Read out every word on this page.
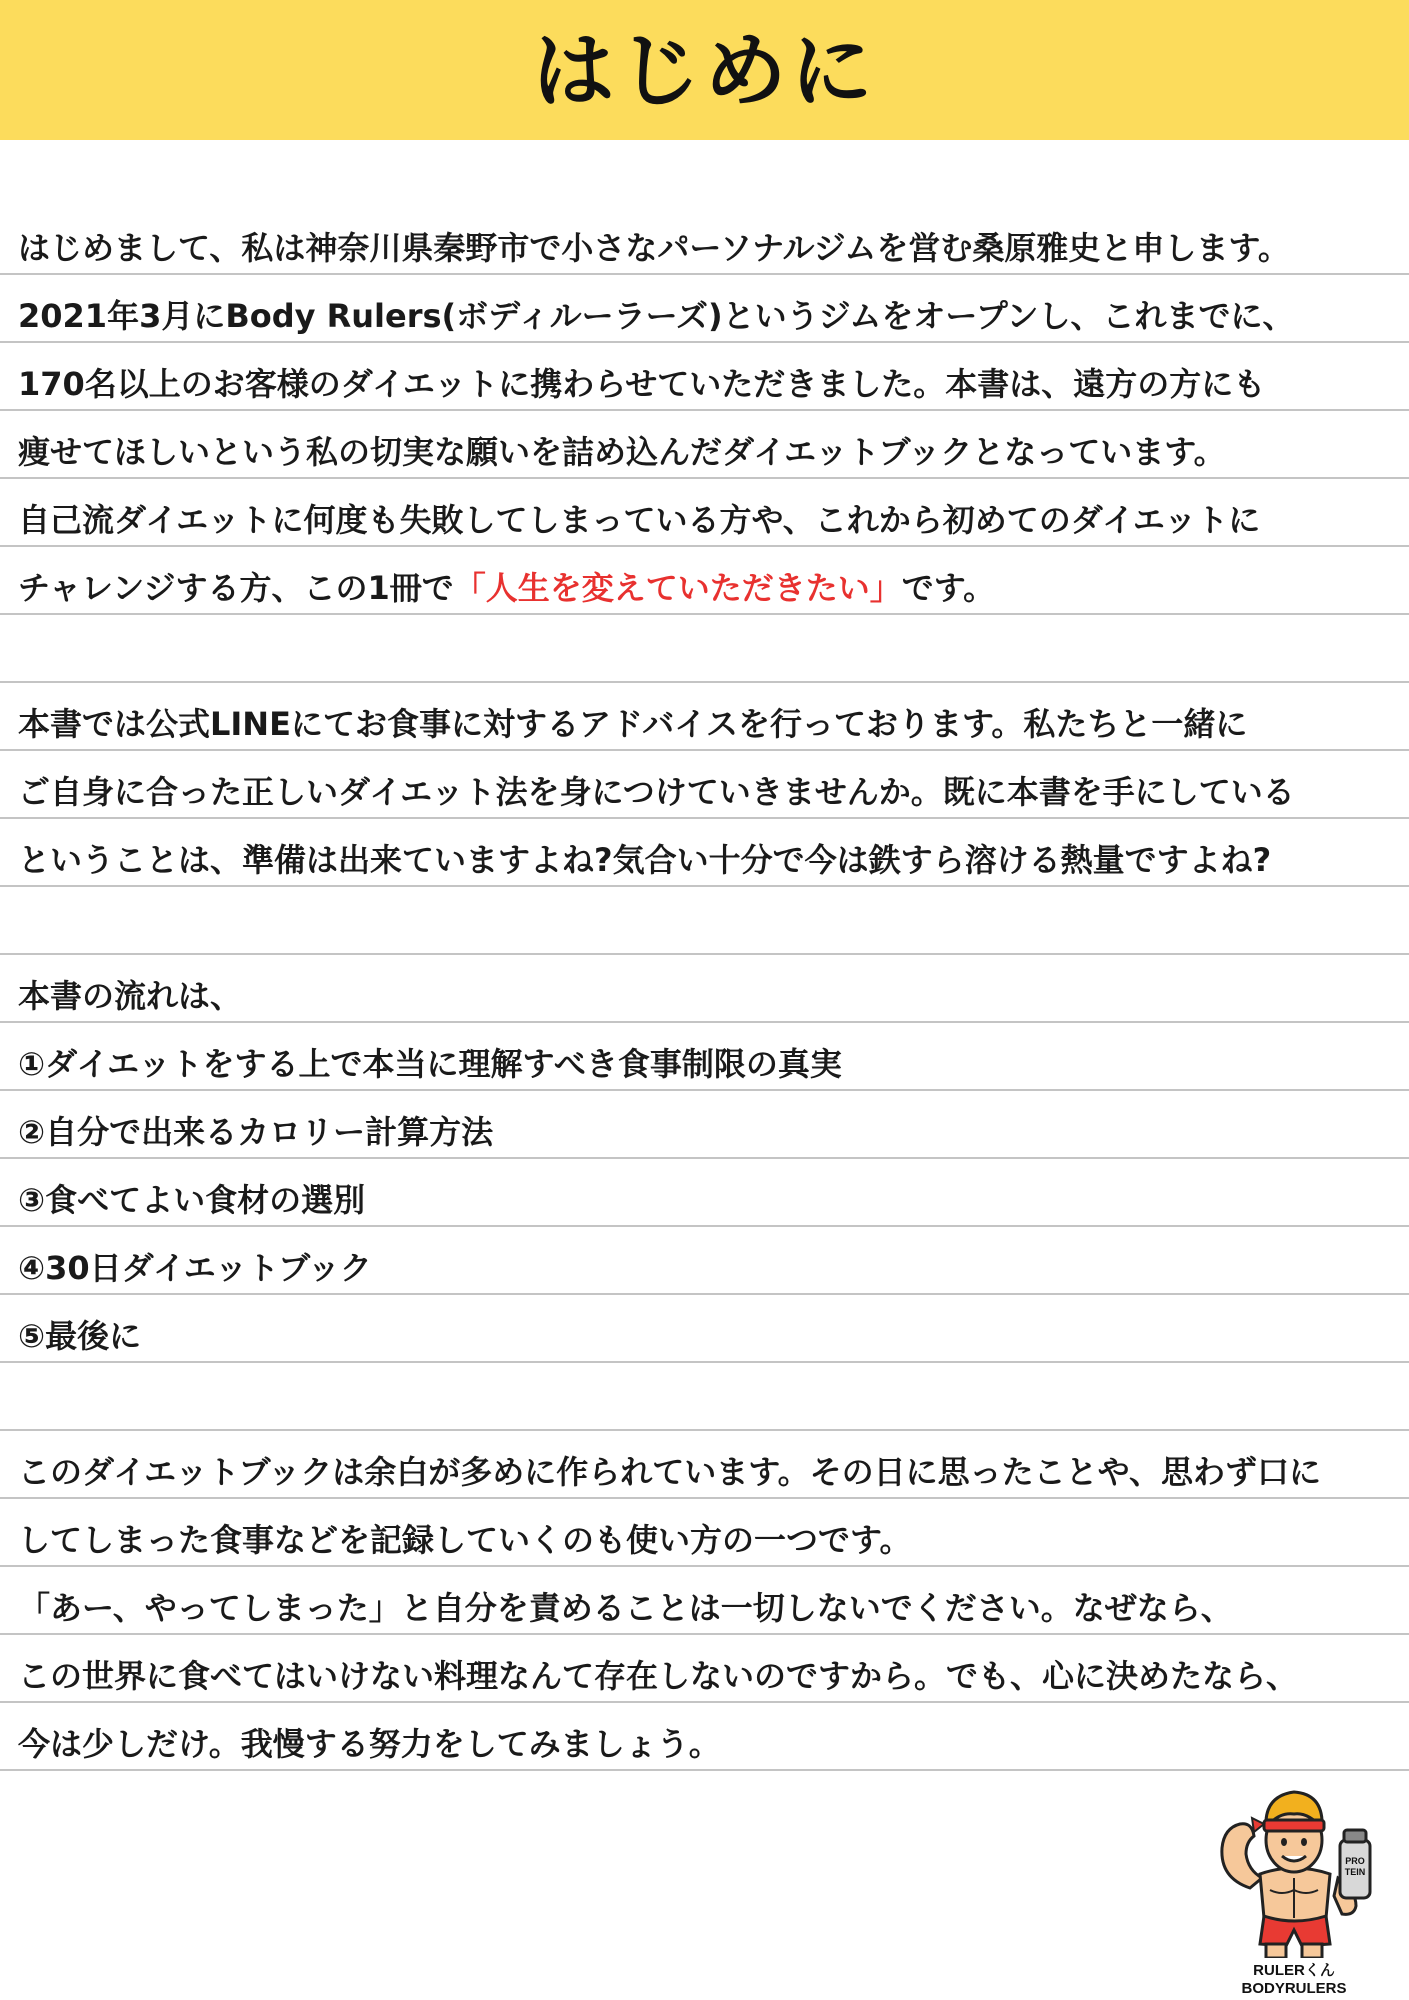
はじめに
はじめまして、私は神奈川県秦野市で小さなパーソナルジムを営む桑原雅史と申します。
2021年3月にBody Rulers(ボディルーラーズ)というジムをオープンし、これまでに、
170名以上のお客様のダイエットに携わらせていただきました。本書は、遠方の方にも
痩せてほしいという私の切実な願いを詰め込んだダイエットブックとなっています。
自己流ダイエットに何度も失敗してしまっている方や、これから初めてのダイエットに
チャレンジする方、この1冊で「人生を変えていただきたい」です。
本書では公式LINEにてお食事に対するアドバイスを行っております。私たちと一緒に
ご自身に合った正しいダイエット法を身につけていきませんか。既に本書を手にしている
ということは、準備は出来ていますよね?気合い十分で今は鉄すら溶ける熱量ですよね?
本書の流れは、
①ダイエットをする上で本当に理解すべき食事制限の真実
②自分で出来るカロリー計算方法
③食べてよい食材の選別
④30日ダイエットブック
⑤最後に
このダイエットブックは余白が多めに作られています。その日に思ったことや、思わず口に
してしまった食事などを記録していくのも使い方の一つです。
「あー、やってしまった」と自分を責めることは一切しないでください。なぜなら、
この世界に食べてはいけない料理なんて存在しないのですから。でも、心に決めたなら、
今は少しだけ。我慢する努力をしてみましょう。
PRO
TEIN
RULERくん
BODYRULERS
